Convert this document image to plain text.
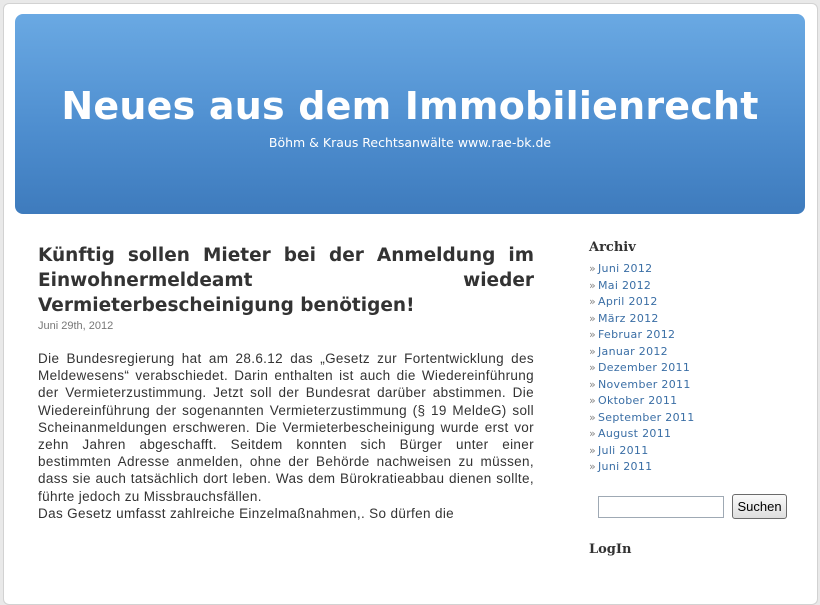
Neues aus dem Immobilienrecht
Böhm & Kraus Rechtsanwälte www.rae-bk.de
Künftig sollen Mieter bei der Anmeldung im Einwohnermeldeamt wieder Vermieterbescheinigung benötigen!
Juni 29th, 2012

Die Bundesregierung hat am 28.6.12 das „Gesetz zur Fortentwicklung des Meldewesens“ verabschiedet. Darin enthalten ist auch die Wiedereinführung der Vermieterzustimmung. Jetzt soll der Bundesrat darüber abstimmen. Die Wiedereinführung der sogenannten Vermieterzustimmung (§ 19 MeldeG) soll Scheinanmeldungen erschweren. Die Vermieterbescheinigung wurde erst vor zehn Jahren abgeschafft. Seitdem konnten sich Bürger unter einer bestimmten Adresse anmelden, ohne der Behörde nachweisen zu müssen, dass sie auch tatsächlich dort leben. Was dem Bürokratieabbau dienen sollte, führte jedoch zu Missbrauchsfällen.

Das Gesetz umfasst zahlreiche Einzelmaßnahmen,. So dürfen die

Archiv
» Juni 2012
» Mai 2012
» April 2012
» März 2012
» Februar 2012
» Januar 2012
» Dezember 2011
» November 2011
» Oktober 2011
» September 2011
» August 2011
» Juli 2011
» Juni 2011
Suchen
LogIn
